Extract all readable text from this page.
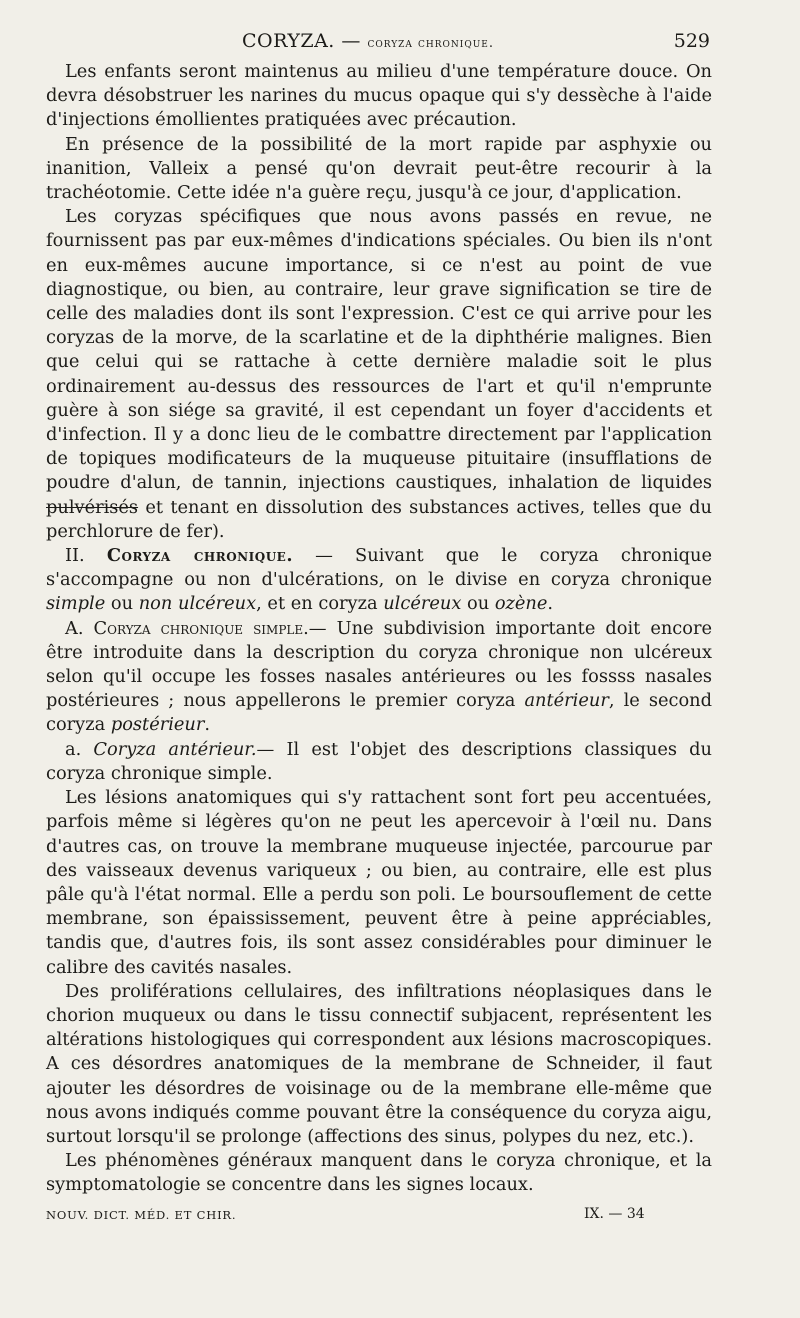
CORYZA. — coryza chronique.	529

Les enfants seront maintenus au milieu d'une température douce. On devra désobstruer les narines du mucus opaque qui s'y dessèche à l'aide d'injections émollientes pratiquées avec précaution.

En présence de la possibilité de la mort rapide par asphyxie ou inanition, Valleix a pensé qu'on devrait peut-être recourir à la trachéotomie. Cette idée n'a guère reçu, jusqu'à ce jour, d'application.

Les coryzas spécifiques que nous avons passés en revue, ne fournissent pas par eux-mêmes d'indications spéciales. Ou bien ils n'ont en eux-mêmes aucune importance, si ce n'est au point de vue diagnostique, ou bien, au contraire, leur grave signification se tire de celle des maladies dont ils sont l'expression. C'est ce qui arrive pour les coryzas de la morve, de la scarlatine et de la diphthérie malignes. Bien que celui qui se rattache à cette dernière maladie soit le plus ordinairement au-dessus des ressources de l'art et qu'il n'emprunte guère à son siége sa gravité, il est cependant un foyer d'accidents et d'infection. Il y a donc lieu de le combattre directement par l'application de topiques modificateurs de la muqueuse pituitaire (insufflations de poudre d'alun, de tannin, injections caustiques, inhalation de liquides pulvérisés et tenant en dissolution des substances actives, telles que du perchlorure de fer).

II. Coryza chronique. — Suivant que le coryza chronique s'accompagne ou non d'ulcérations, on le divise en coryza chronique simple ou non ulcéreux, et en coryza ulcéreux ou ozène.

A. Coryza chronique simple.— Une subdivision importante doit encore être introduite dans la description du coryza chronique non ulcéreux selon qu'il occupe les fosses nasales antérieures ou les fossss nasales postérieures ; nous appellerons le premier coryza antérieur, le second coryza postérieur.

a. Coryza antérieur.— Il est l'objet des descriptions classiques du coryza chronique simple.

Les lésions anatomiques qui s'y rattachent sont fort peu accentuées, parfois même si légères qu'on ne peut les apercevoir à l'œil nu. Dans d'autres cas, on trouve la membrane muqueuse injectée, parcourue par des vaisseaux devenus variqueux ; ou bien, au contraire, elle est plus pâle qu'à l'état normal. Elle a perdu son poli. Le boursouflement de cette membrane, son épaississement, peuvent être à peine appréciables, tandis que, d'autres fois, ils sont assez considérables pour diminuer le calibre des cavités nasales.

Des proliférations cellulaires, des infiltrations néoplasiques dans le chorion muqueux ou dans le tissu connectif subjacent, représentent les altérations histologiques qui correspondent aux lésions macroscopiques. A ces désordres anatomiques de la membrane de Schneider, il faut ajouter les désordres de voisinage ou de la membrane elle-même que nous avons indiqués comme pouvant être la conséquence du coryza aigu, surtout lorsqu'il se prolonge (affections des sinus, polypes du nez, etc.).

Les phénomènes généraux manquent dans le coryza chronique, et la symptomatologie se concentre dans les signes locaux.

NOUV. DICT. MÉD. ET CHIR.	IX. — 34
